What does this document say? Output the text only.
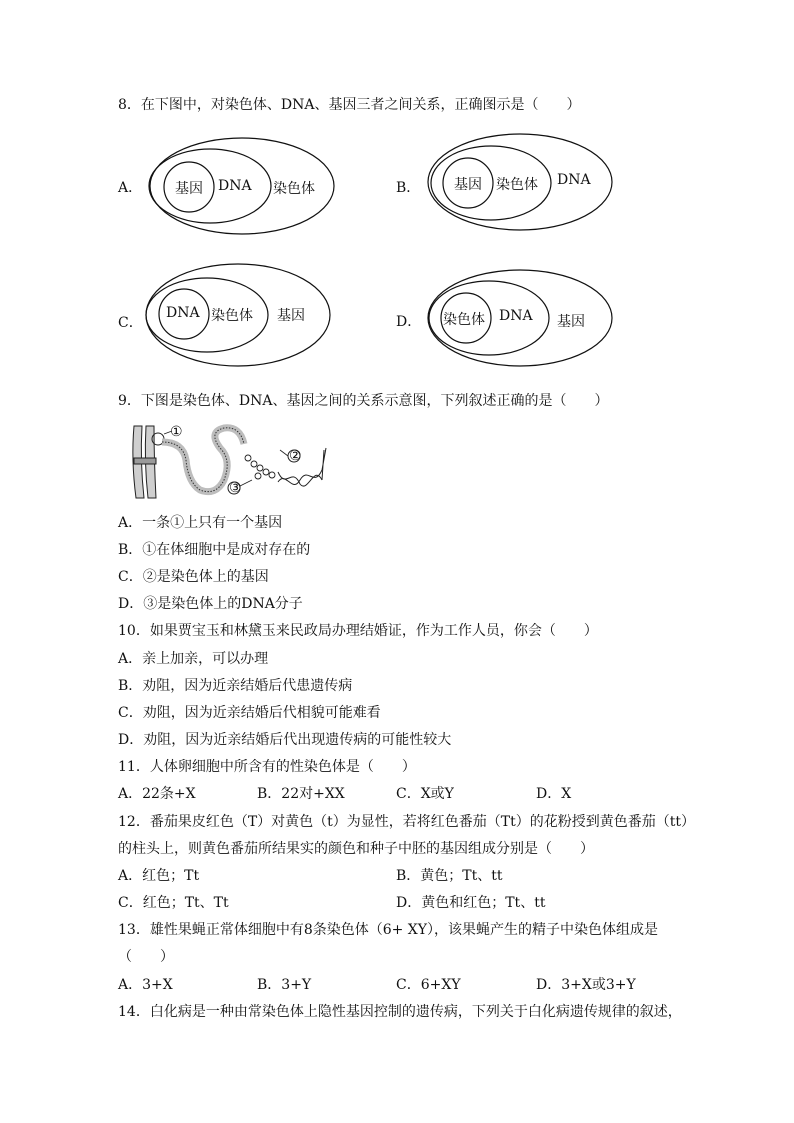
8．在下图中，对染色体、DNA、基因三者之间关系，正确图示是（　　）
A． 基因 DNA 染色体	B． 基因 染色体 DNA
C．
DNA 染色体 基因	D． 染色体 DNA 基因
9．下图是染色体、DNA、基因之间的关系示意图，下列叙述正确的是（　　）
①
②
③
A．一条①上只有一个基因
B．①在体细胞中是成对存在的
C．②是染色体上的基因
D．③是染色体上的DNA分子
10．如果贾宝玉和林黛玉来民政局办理结婚证，作为工作人员，你会（　　）
A．亲上加亲，可以办理
B．劝阻，因为近亲结婚后代患遗传病
C．劝阻，因为近亲结婚后代相貌可能难看
D．劝阻，因为近亲结婚后代出现遗传病的可能性较大
11．人体卵细胞中所含有的性染色体是（　　）
A．22条+X	B．22对+XX	C．X或Y	D．X
12．番茄果皮红色（T）对黄色（t）为显性，若将红色番茄（Tt）的花粉授到黄色番茄（tt）
的柱头上，则黄色番茄所结果实的颜色和种子中胚的基因组成分别是（　　）
A．红色；Tt	B．黄色；Tt、tt
C．红色；Tt、Tt	D．黄色和红色；Tt、tt
13．雄性果蝇正常体细胞中有8条染色体（6+ XY），该果蝇产生的精子中染色体组成是
（　　）
A．3+X	B．3+Y	C．6+XY	D．3+X或3+Y
14．白化病是一种由常染色体上隐性基因控制的遗传病，下列关于白化病遗传规律的叙述，
